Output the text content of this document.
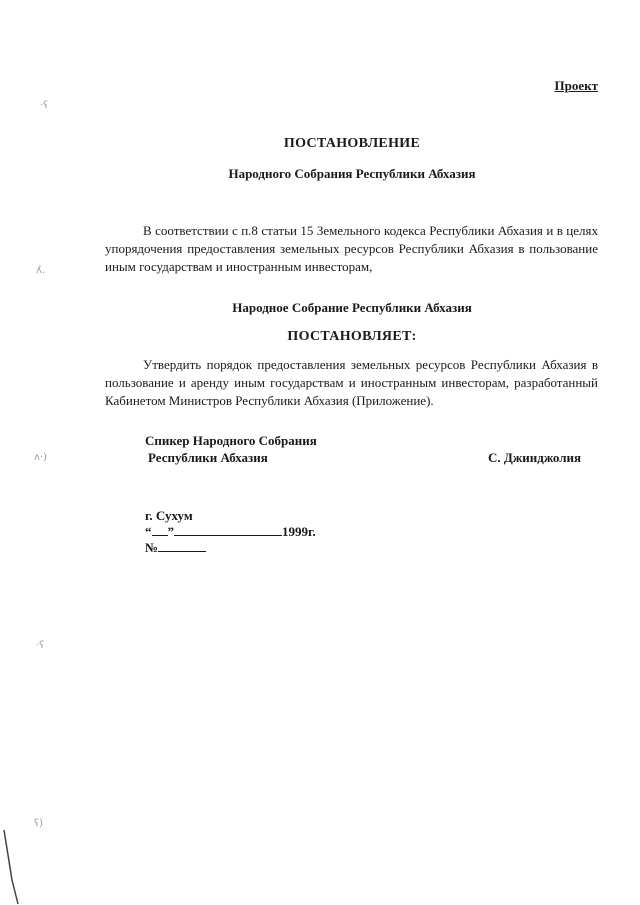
Проект
ПОСТАНОВЛЕНИЕ
Народного Собрания Республики Абхазия
В соответствии с п.8 статьи 15 Земельного кодекса Республики Абхазия и в целях упорядочения предоставления земельных ресурсов Республики Абхазия в пользование иным государствам и иностранным инвесторам,
Народное Собрание Республики Абхазия
ПОСТАНОВЛЯЕТ:
Утвердить порядок предоставления земельных ресурсов Республики Абхазия в пользование и аренду иным государствам и иностранным инвесторам, разработанный Кабинетом Министров Республики Абхазия (Приложение).
Спикер Народного Собрания
Республики Абхазия	С. Джинджолия
г. Сухум
“ ”	1999г.
№
·ʕ
ʎ.
ʌ·)
·ʕ
ʕ)
